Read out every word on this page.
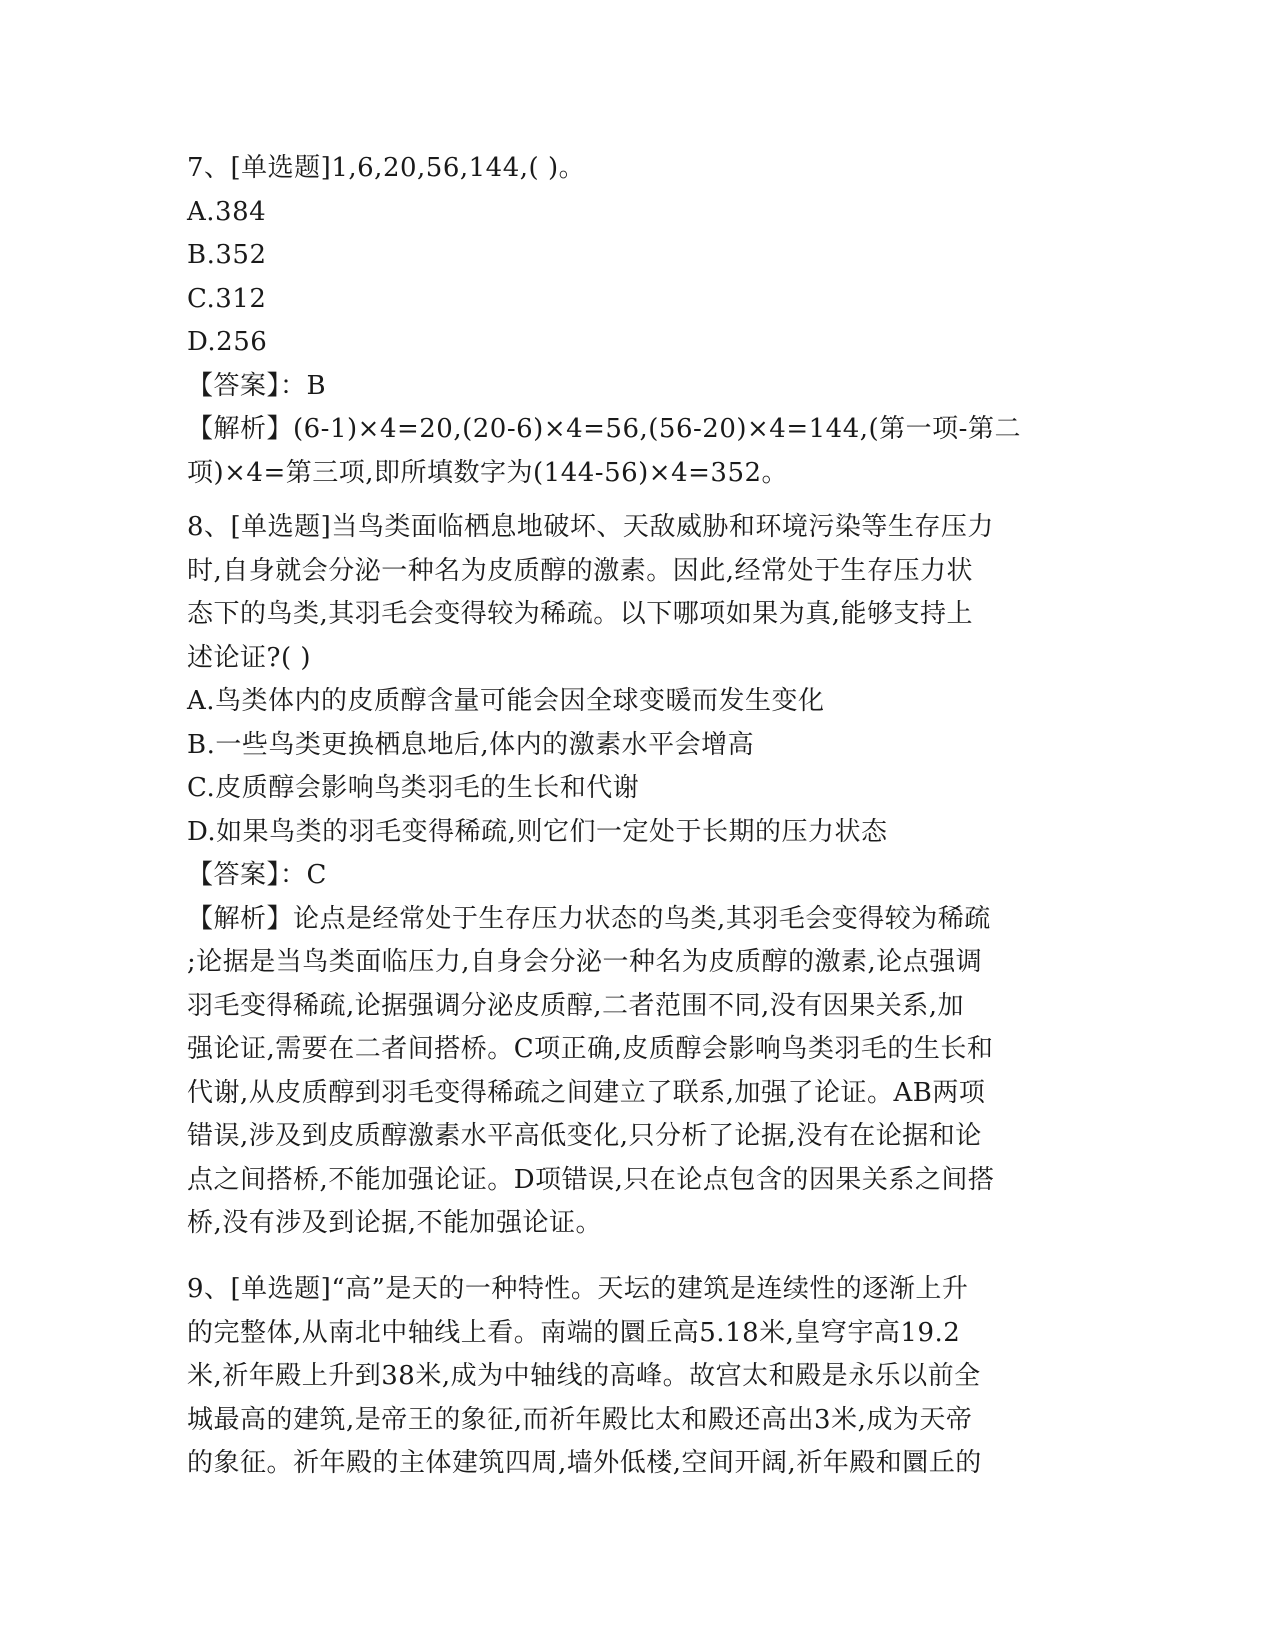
7、[单选题]1,6,20,56,144,( )。
A.384
B.352
C.312
D.256
【答案】：B
【解析】(6-1)×4=20,(20-6)×4=56,(56-20)×4=144,(第一项-第二
项)×4=第三项,即所填数字为(144-56)×4=352。
8、[单选题]当鸟类面临栖息地破坏、天敌威胁和环境污染等生存压力
时,自身就会分泌一种名为皮质醇的激素。因此,经常处于生存压力状
态下的鸟类,其羽毛会变得较为稀疏。以下哪项如果为真,能够支持上
述论证?( )
A.鸟类体内的皮质醇含量可能会因全球变暖而发生变化
B.一些鸟类更换栖息地后,体内的激素水平会增高
C.皮质醇会影响鸟类羽毛的生长和代谢
D.如果鸟类的羽毛变得稀疏,则它们一定处于长期的压力状态
【答案】：C
【解析】论点是经常处于生存压力状态的鸟类,其羽毛会变得较为稀疏
;论据是当鸟类面临压力,自身会分泌一种名为皮质醇的激素,论点强调
羽毛变得稀疏,论据强调分泌皮质醇,二者范围不同,没有因果关系,加
强论证,需要在二者间搭桥。C项正确,皮质醇会影响鸟类羽毛的生长和
代谢,从皮质醇到羽毛变得稀疏之间建立了联系,加强了论证。AB两项
错误,涉及到皮质醇激素水平高低变化,只分析了论据,没有在论据和论
点之间搭桥,不能加强论证。D项错误,只在论点包含的因果关系之间搭
桥,没有涉及到论据,不能加强论证。
9、[单选题]“高”是天的一种特性。天坛的建筑是连续性的逐渐上升
的完整体,从南北中轴线上看。南端的圜丘高5.18米,皇穹宇高19.2
米,祈年殿上升到38米,成为中轴线的高峰。故宫太和殿是永乐以前全
城最高的建筑,是帝王的象征,而祈年殿比太和殿还高出3米,成为天帝
的象征。祈年殿的主体建筑四周,墙外低楼,空间开阔,祈年殿和圜丘的
